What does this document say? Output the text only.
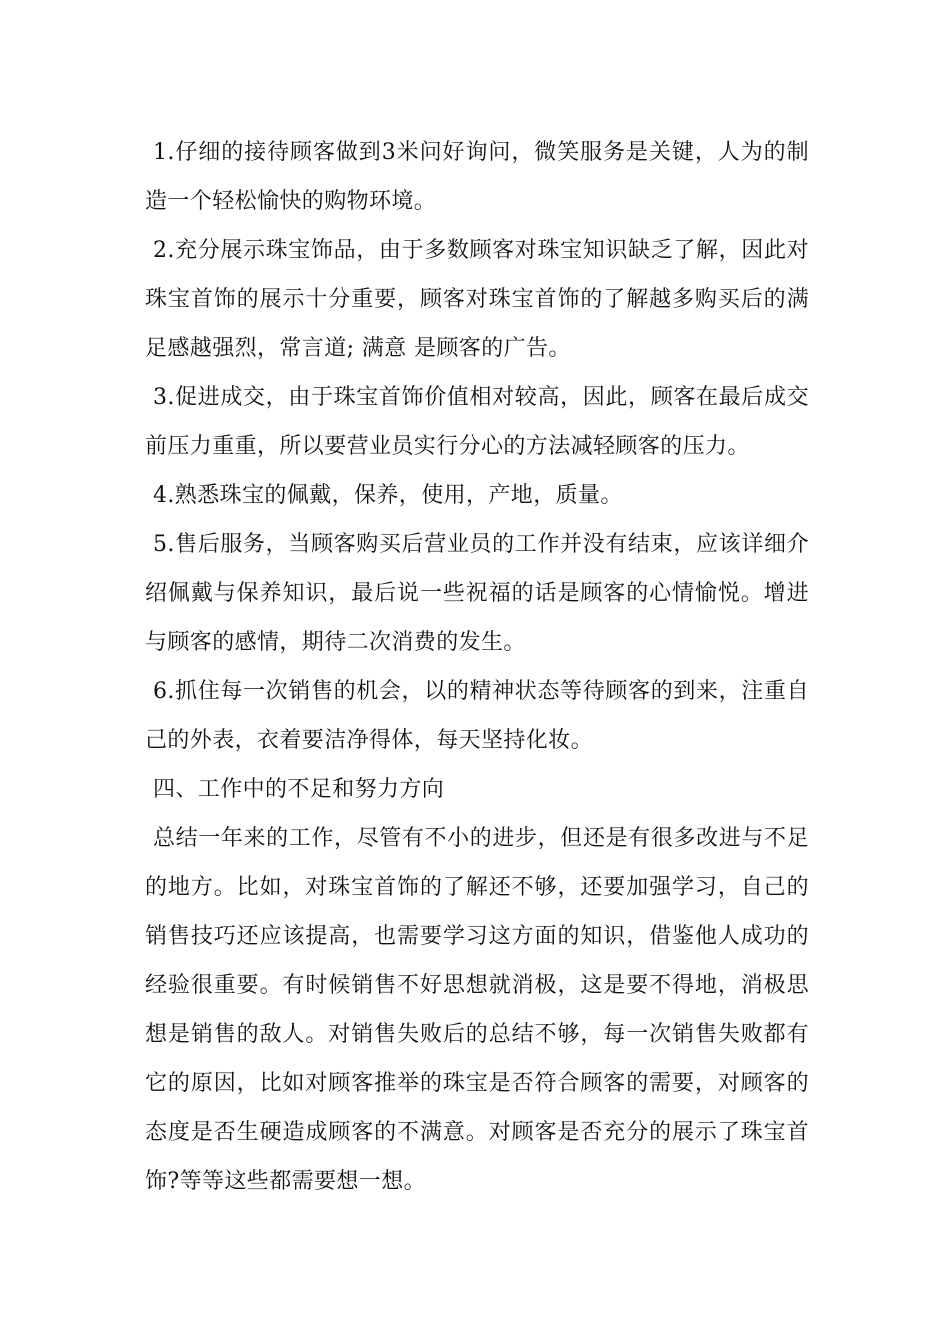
1.仔细的接待顾客做到3米问好询问，微笑服务是关键，人为的制造一个轻松愉快的购物环境。

2.充分展示珠宝饰品，由于多数顾客对珠宝知识缺乏了解，因此对珠宝首饰的展示十分重要，顾客对珠宝首饰的了解越多购买后的满足感越强烈，常言道; 满意 是顾客的广告。

3.促进成交，由于珠宝首饰价值相对较高，因此，顾客在最后成交前压力重重，所以要营业员实行分心的方法减轻顾客的压力。

4.熟悉珠宝的佩戴，保养，使用，产地，质量。

5.售后服务，当顾客购买后营业员的工作并没有结束，应该详细介绍佩戴与保养知识，最后说一些祝福的话是顾客的心情愉悦。增进与顾客的感情，期待二次消费的发生。

6.抓住每一次销售的机会，以的精神状态等待顾客的到来，注重自己的外表，衣着要洁净得体，每天坚持化妆。

四、工作中的不足和努力方向

总结一年来的工作，尽管有不小的进步，但还是有很多改进与不足的地方。比如，对珠宝首饰的了解还不够，还要加强学习，自己的销售技巧还应该提高，也需要学习这方面的知识，借鉴他人成功的经验很重要。有时候销售不好思想就消极，这是要不得地，消极思想是销售的敌人。对销售失败后的总结不够，每一次销售失败都有它的原因，比如对顾客推举的珠宝是否符合顾客的需要，对顾客的态度是否生硬造成顾客的不满意。对顾客是否充分的展示了珠宝首饰?等等这些都需要想一想。
